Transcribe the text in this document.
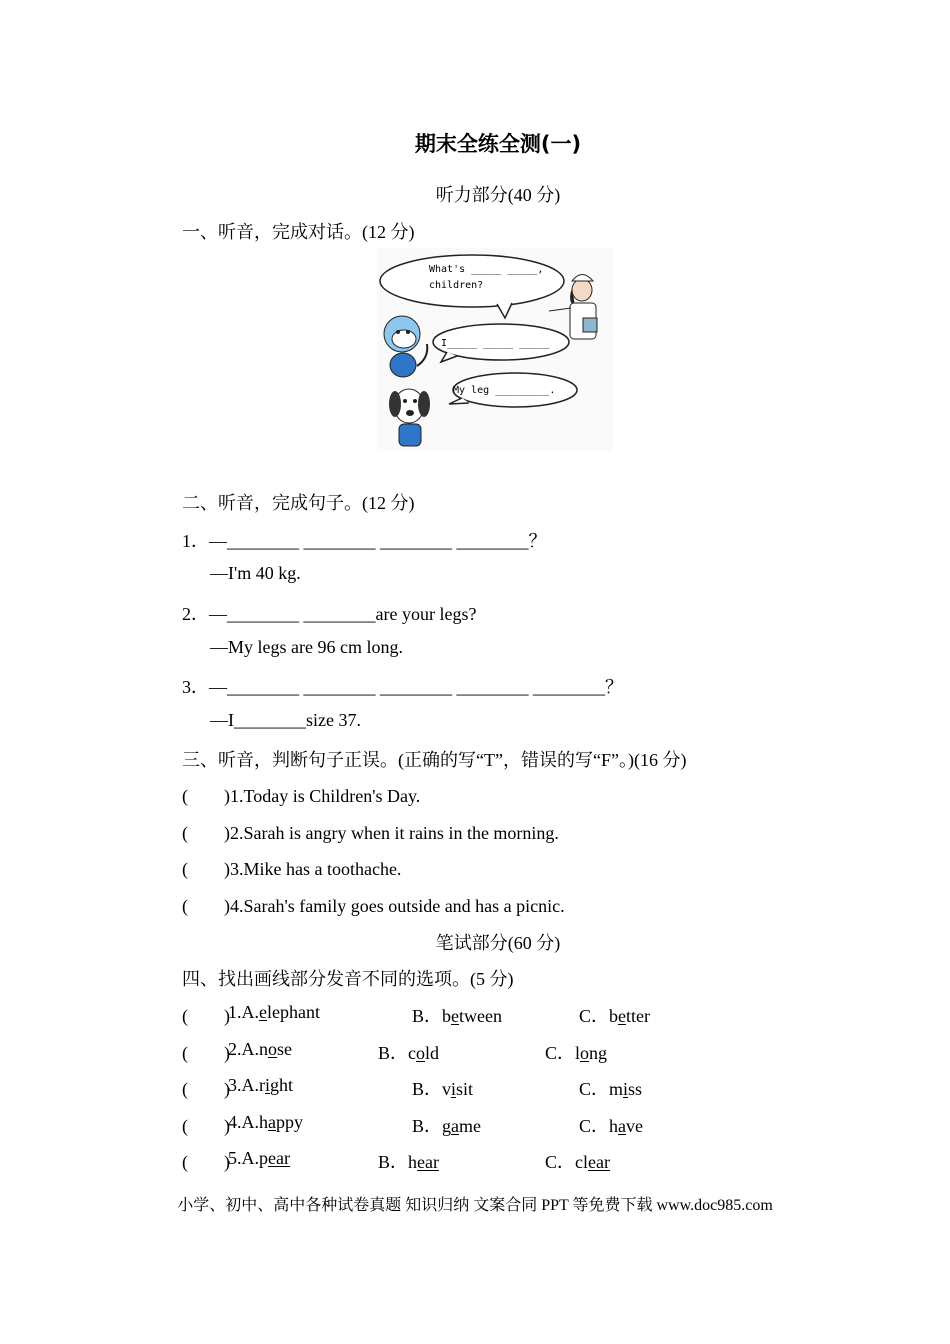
期末全练全测(一)
听力部分(40 分)
一、听音，完成对话。(12 分)
What's _____ _____,
children?
I_____ _____ _____
My leg _________.
二、听音，完成句子。(12 分)
1．—________ ________ ________ ________？
—I'm 40 kg.
2．—________ ________are your legs?
—My legs are 96 cm long.
3．—________ ________ ________ ________ ________？
—I________size 37.
三、听音，判断句子正误。(正确的写“T”，错误的写“F”。)(16 分)
(　　)1.Today is Children's Day.
(　　)2.Sarah is angry when it rains in the morning.
(　　)3.Mike has a toothache.
(　　)4.Sarah's family goes outside and has a picnic.
笔试部分(60 分)
四、找出画线部分发音不同的选项。(5 分)
(　　)
1.A.elephant	B．between	C．better
(　　)
2.A.nose	B．cold	C．long
(　　)
3.A.right	B．visit	C．miss
(　　)
4.A.happy	B．game	C．have
(　　)
5.A.pear	B．hear	C．clear
小学、初中、高中各种试卷真题 知识归纳 文案合同 PPT 等免费下载 www.doc985.com
